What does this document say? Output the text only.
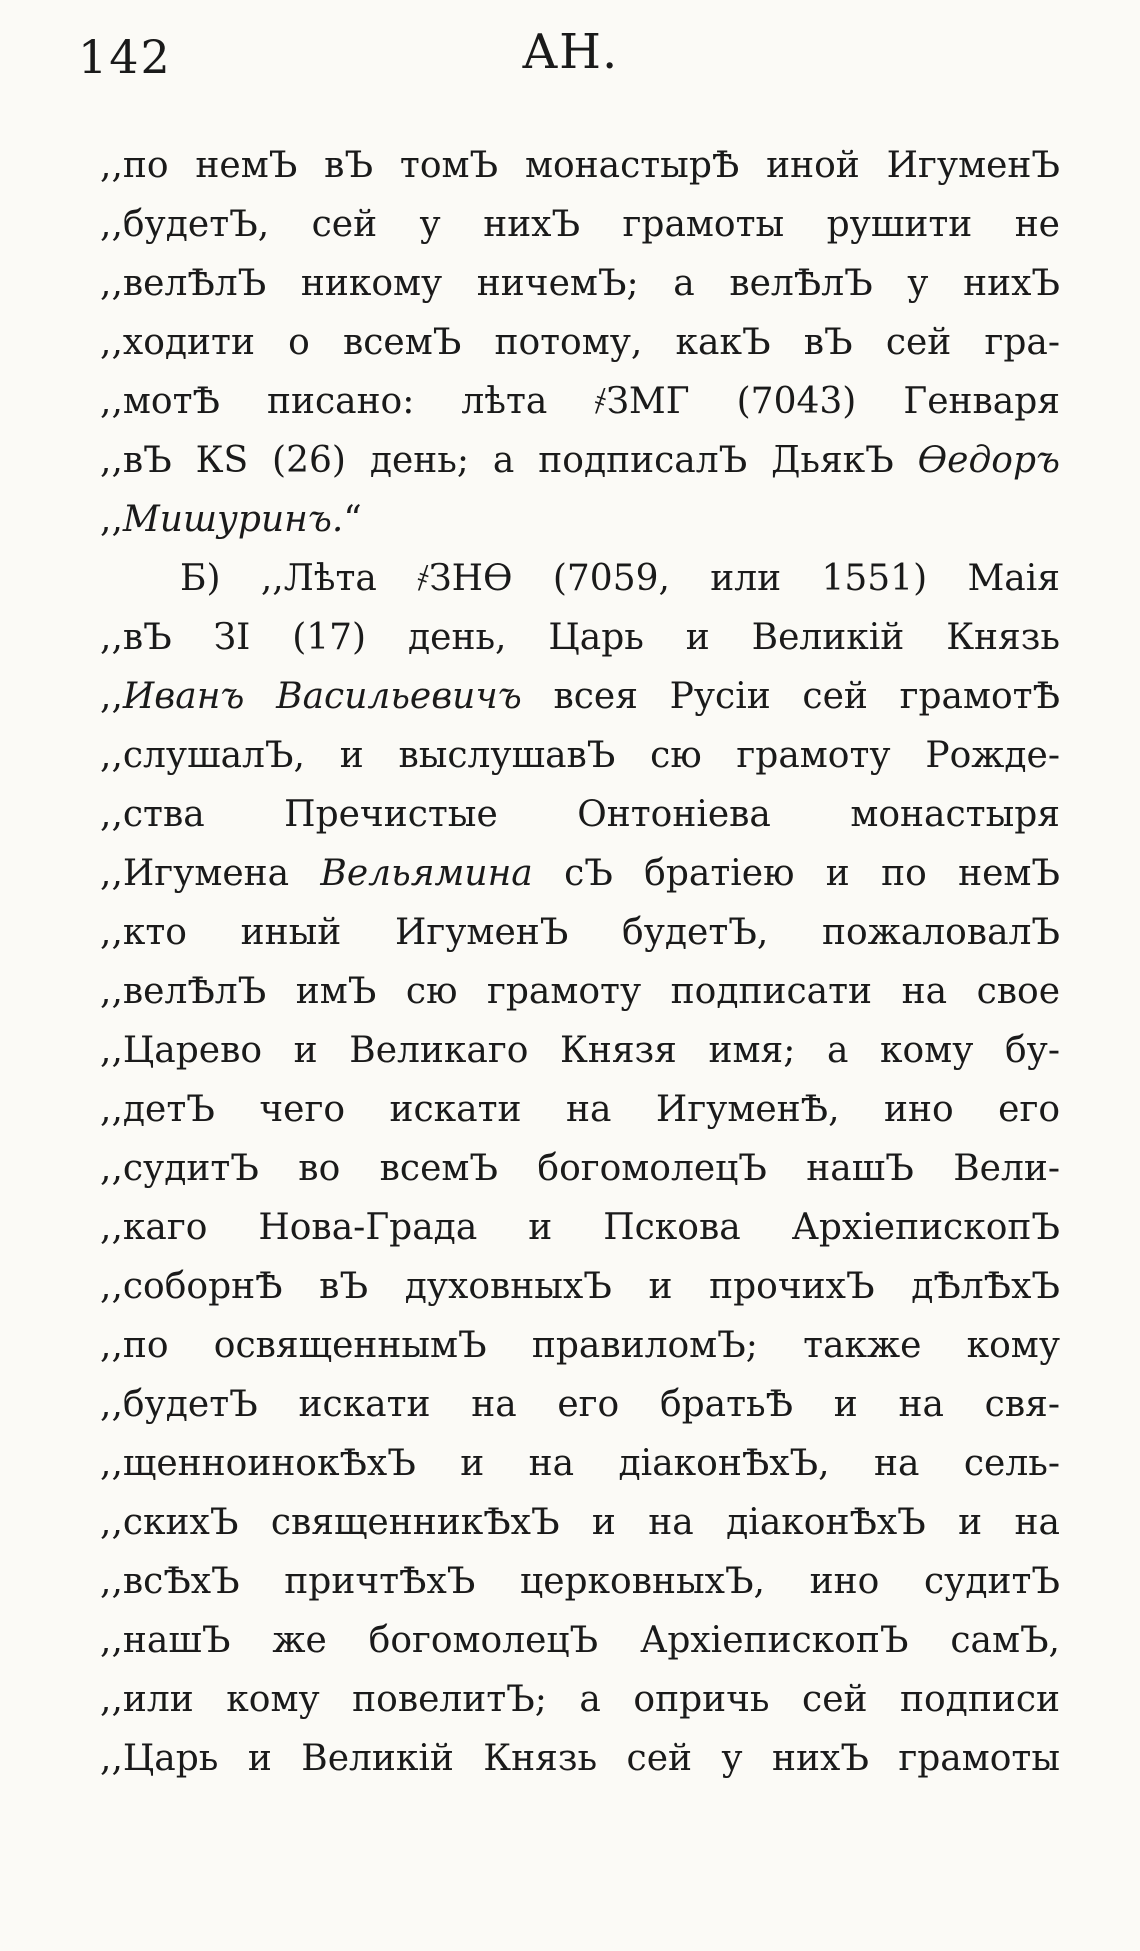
142	АН.
,,по немЪ вЪ томЪ монастырѢ иной ИгуменЪ
,,будетЪ, сей у нихЪ грамоты рушити не
,,велѢлЪ никому ничемЪ; а велѢлЪ у нихЪ
,,ходити о всемЪ потому, какЪ вЪ сей гра-
,,мотѢ писано: лѣта ҂ЗМГ (7043) Генваря
,,вЪ КS (26) день; а подписалЪ ДьякЪ Ѳедоръ
,,Мишуринъ.“
Б) ,,Лѣта ҂ЗНѲ (7059, или 1551) Маія
,,вЪ ЗІ (17) день, Царь и Великій Князь
,,Иванъ Васильевичъ всея Русіи сей грамотѢ
,,слушалЪ, и выслушавЪ сю грамоту Рожде-
,,ства Пречистые Онтоніева монастыря
,,Игумена Вельямина сЪ братіею и по немЪ
,,кто иный ИгуменЪ будетЪ, пожаловалЪ
,,велѢлЪ имЪ сю грамоту подписати на свое
,,Царево и Великаго Князя имя; а кому бу-
,,детЪ чего искати на ИгуменѢ, ино его
,,судитЪ во всемЪ богомолецЪ нашЪ Вели-
,,каго Нова-Града и Пскова АрхіепископЪ
,,соборнѢ вЪ духовныхЪ и прочихЪ дѢлѢхЪ
,,по освященнымЪ правиломЪ; также кому
,,будетЪ искати на его братьѢ и на свя-
,,щенноинокѢхЪ и на діаконѢхЪ, на сель-
,,скихЪ священникѢхЪ и на діаконѢхЪ и на
,,всѢхЪ причтѢхЪ церковныхЪ, ино судитЪ
,,нашЪ же богомолецЪ АрхіепископЪ самЪ,
,,или кому повелитЪ; а опричь сей подписи
,,Царь и Великій Князь сей у нихЪ грамоты
